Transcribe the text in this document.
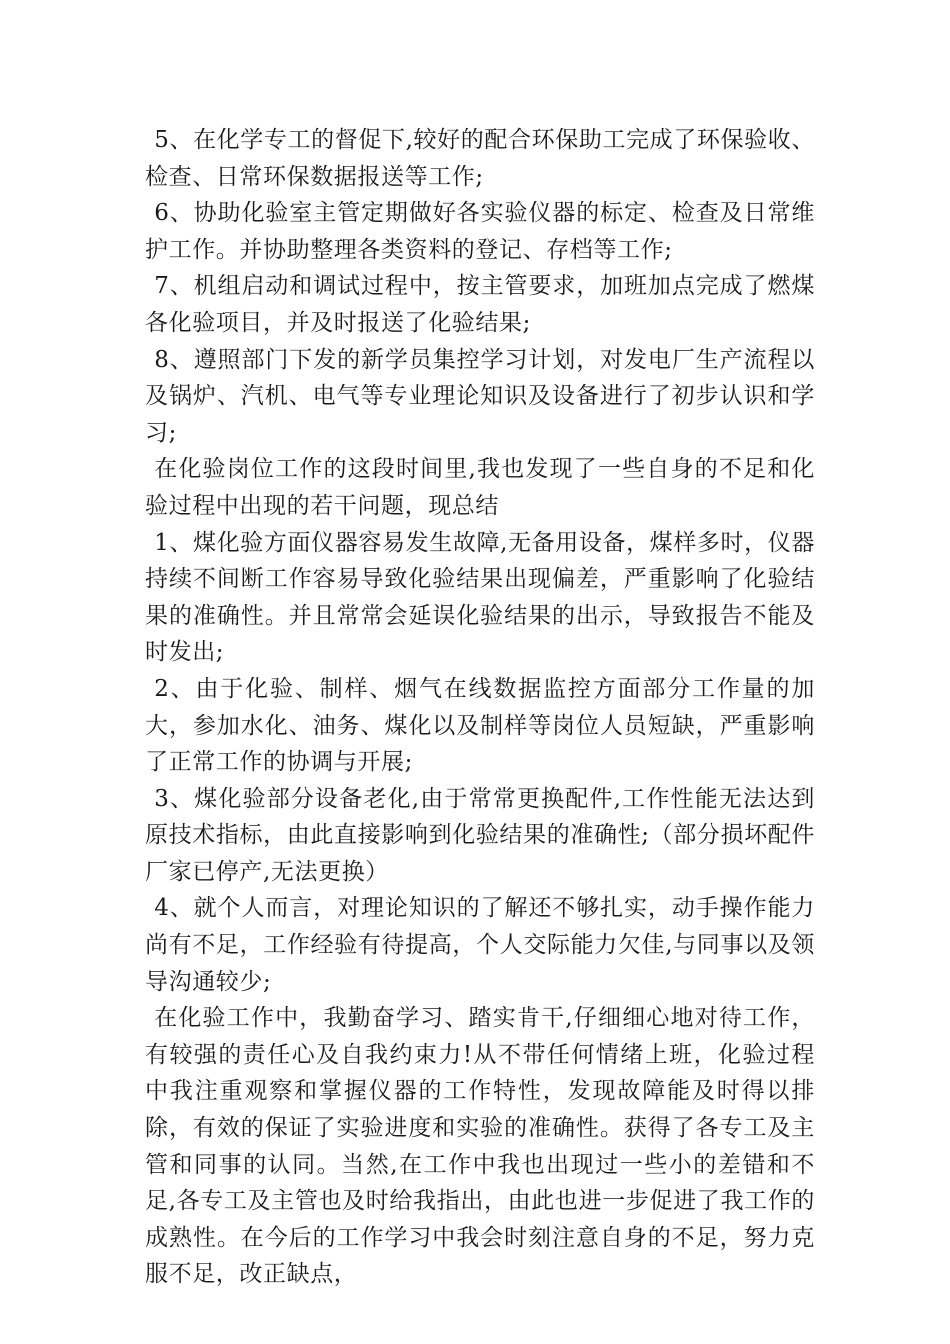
5、在化学专工的督促下,较好的配合环保助工完成了环保验收、检查、日常环保数据报送等工作;

6、协助化验室主管定期做好各实验仪器的标定、检查及日常维护工作。并协助整理各类资料的登记、存档等工作;

7、机组启动和调试过程中，按主管要求，加班加点完成了燃煤各化验项目，并及时报送了化验结果;

8、遵照部门下发的新学员集控学习计划，对发电厂生产流程以及锅炉、汽机、电气等专业理论知识及设备进行了初步认识和学习;

在化验岗位工作的这段时间里,我也发现了一些自身的不足和化验过程中出现的若干问题，现总结

1、煤化验方面仪器容易发生故障,无备用设备，煤样多时，仪器持续不间断工作容易导致化验结果出现偏差，严重影响了化验结果的准确性。并且常常会延误化验结果的出示，导致报告不能及时发出;

2、由于化验、制样、烟气在线数据监控方面部分工作量的加大，参加水化、油务、煤化以及制样等岗位人员短缺，严重影响了正常工作的协调与开展;

3、煤化验部分设备老化,由于常常更换配件,工作性能无法达到原技术指标，由此直接影响到化验结果的准确性;（部分损坏配件厂家已停产,无法更换）

4、就个人而言，对理论知识的了解还不够扎实，动手操作能力尚有不足，工作经验有待提高，个人交际能力欠佳,与同事以及领导沟通较少;

在化验工作中，我勤奋学习、踏实肯干,仔细细心地对待工作，有较强的责任心及自我约束力!从不带任何情绪上班，化验过程中我注重观察和掌握仪器的工作特性，发现故障能及时得以排除，有效的保证了实验进度和实验的准确性。获得了各专工及主管和同事的认同。当然,在工作中我也出现过一些小的差错和不足,各专工及主管也及时给我指出，由此也进一步促进了我工作的成熟性。在今后的工作学习中我会时刻注意自身的不足，努力克服不足，改正缺点，
